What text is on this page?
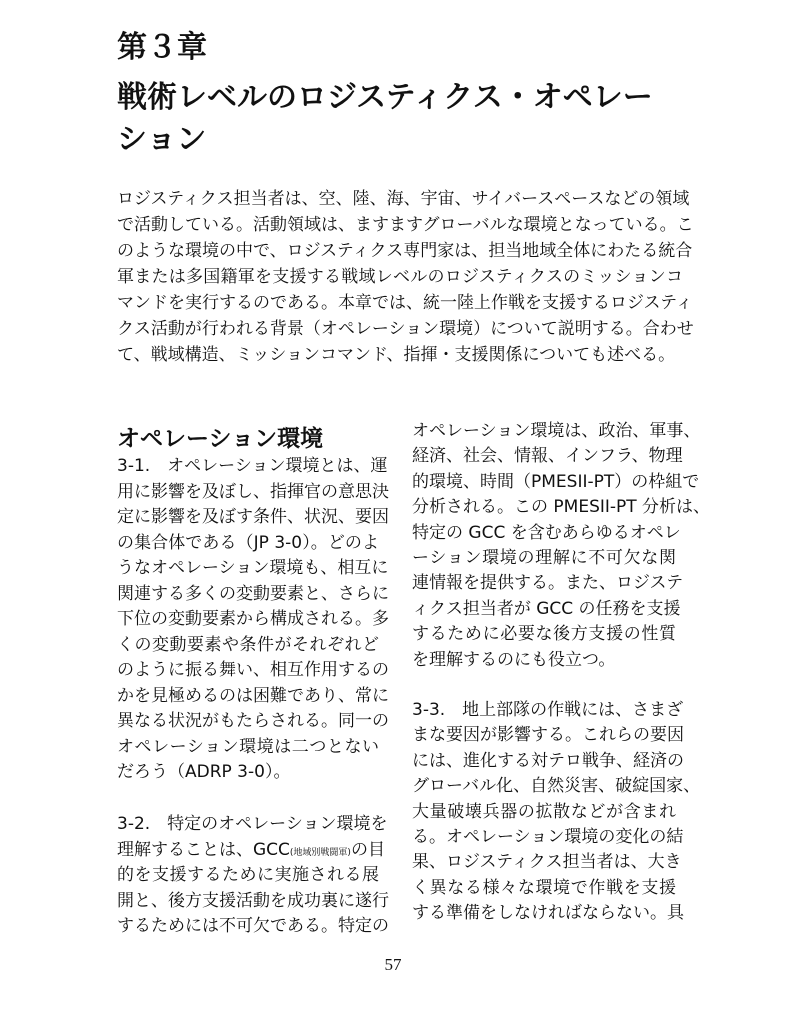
第３章
戦術レベルのロジスティクス・オペレー
ション
ロジスティクス担当者は、空、陸、海、宇宙、サイバースペースなどの領域
で活動している。活動領域は、ますますグローバルな環境となっている。こ
のような環境の中で、ロジスティクス専門家は、担当地域全体にわたる統合
軍または多国籍軍を支援する戦域レベルのロジスティクスのミッションコ
マンドを実行するのである。本章では、統一陸上作戦を支援するロジスティ
クス活動が行われる背景（オペレーション環境）について説明する。合わせ
て、戦域構造、ミッションコマンド、指揮・支援関係についても述べる。
オペレーション環境
3-1.　オペレーション環境とは、運
用に影響を及ぼし、指揮官の意思決
定に影響を及ぼす条件、状況、要因
の集合体である（JP 3-0）。どのよ
うなオペレーション環境も、相互に
関連する多くの変動要素と、さらに
下位の変動要素から構成される。多
くの変動要素や条件がそれぞれど
のように振る舞い、相互作用するの
かを見極めるのは困難であり、常に
異なる状況がもたらされる。同一の
オペレーション環境は二つとない
だろう（ADRP 3-0）。
3-2.　特定のオペレーション環境を
理解することは、GCC(地域別戦闘軍)の目
的を支援するために実施される展
開と、後方支援活動を成功裏に遂行
するためには不可欠である。特定の
オペレーション環境は、政治、軍事、
経済、社会、情報、インフラ、物理
的環境、時間（PMESII-PT）の枠組で
分析される。この PMESII-PT 分析は、
特定の GCC を含むあらゆるオペレ
ーション環境の理解に不可欠な関
連情報を提供する。また、ロジステ
ィクス担当者が GCC の任務を支援
するために必要な後方支援の性質
を理解するのにも役立つ。
3-3.　地上部隊の作戦には、さまざ
まな要因が影響する。これらの要因
には、進化する対テロ戦争、経済の
グローバル化、自然災害、破綻国家、
大量破壊兵器の拡散などが含まれ
る。オペレーション環境の変化の結
果、ロジスティクス担当者は、大き
く異なる様々な環境で作戦を支援
する準備をしなければならない。具
57
